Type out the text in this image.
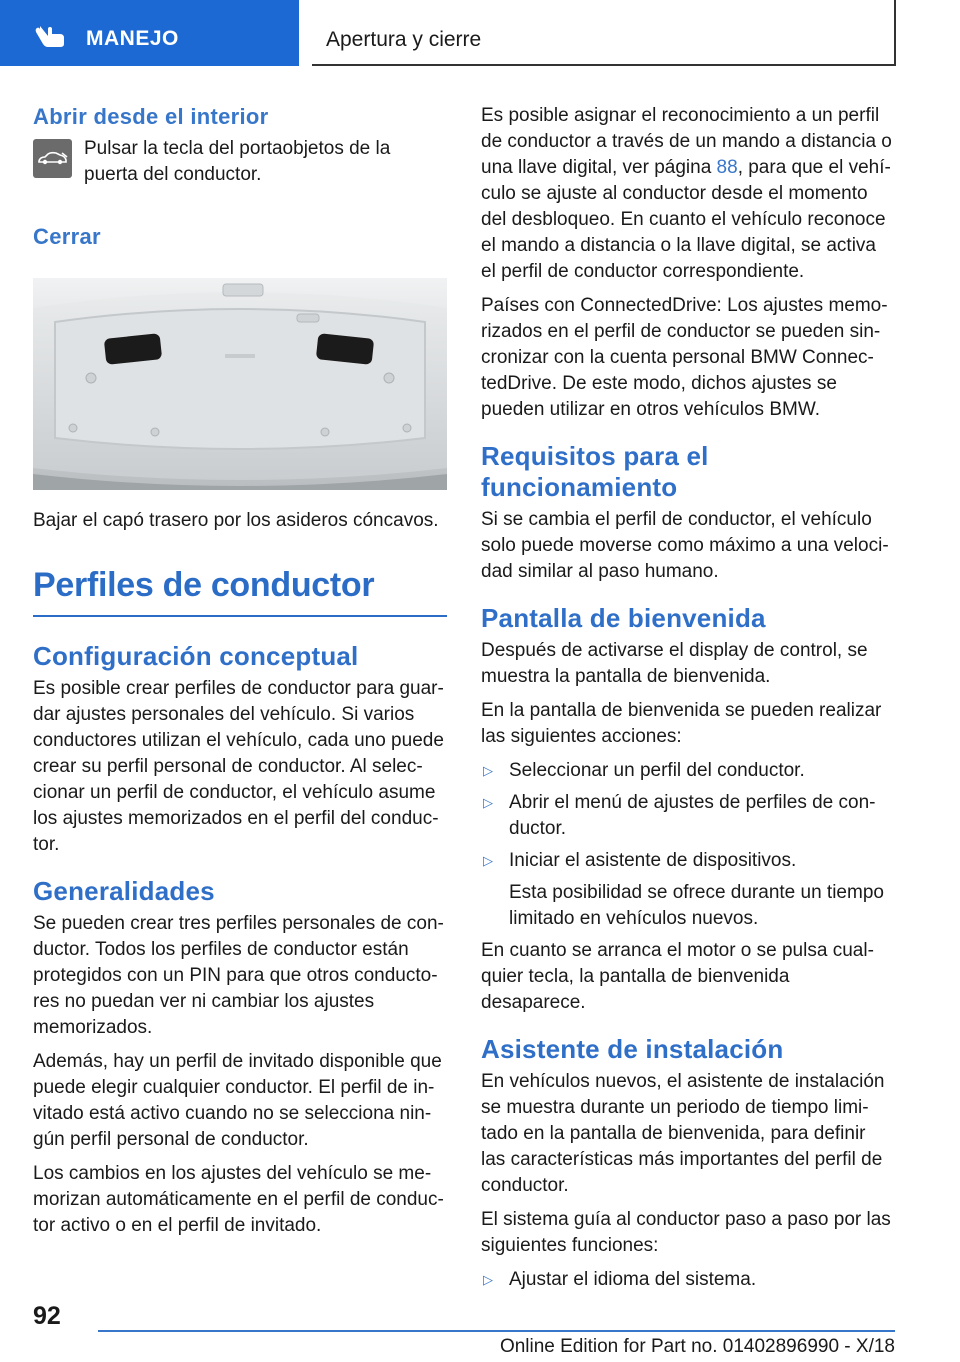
MANEJO	Apertura y cierre
Abrir desde el interior

Pulsar la tecla del portaobjetos de la puerta del conductor.

Cerrar

Bajar el capó trasero por los asideros cóncavos.

Perfiles de conductor
Configuración conceptual

Es posible crear perfiles de conductor para guardar ajustes personales del vehículo. Si varios conductores utilizan el vehículo, cada uno puede crear su perfil personal de conductor. Al seleccionar un perfil de conductor, el vehículo asume los ajustes memorizados en el perfil del conductor.

Generalidades

Se pueden crear tres perfiles personales de conductor. Todos los perfiles de conductor están protegidos con un PIN para que otros conductores no puedan ver ni cambiar los ajustes memorizados.

Además, hay un perfil de invitado disponible que puede elegir cualquier conductor. El perfil de invitado está activo cuando no se selecciona ningún perfil personal de conductor.

Los cambios en los ajustes del vehículo se memorizan automáticamente en el perfil de conductor activo o en el perfil de invitado.

Es posible asignar el reconocimiento a un perfil de conductor a través de un mando a distancia o una llave digital, ver página 88, para que el vehículo se ajuste al conductor desde el momento del desbloqueo. En cuanto el vehículo reconoce el mando a distancia o la llave digital, se activa el perfil de conductor correspondiente.

Países con ConnectedDrive: Los ajustes memorizados en el perfil de conductor se pueden sincronizar con la cuenta personal BMW ConnectedDrive. De este modo, dichos ajustes se pueden utilizar en otros vehículos BMW.

Requisitos para el funcionamiento

Si se cambia el perfil de conductor, el vehículo solo puede moverse como máximo a una velocidad similar al paso humano.

Pantalla de bienvenida

Después de activarse el display de control, se muestra la pantalla de bienvenida.

En la pantalla de bienvenida se pueden realizar las siguientes acciones:

▷ Seleccionar un perfil del conductor.
▷ Abrir el menú de ajustes de perfiles de conductor.
▷ Iniciar el asistente de dispositivos.
Esta posibilidad se ofrece durante un tiempo limitado en vehículos nuevos.

En cuanto se arranca el motor o se pulsa cualquier tecla, la pantalla de bienvenida desaparece.

Asistente de instalación

En vehículos nuevos, el asistente de instalación se muestra durante un periodo de tiempo limitado en la pantalla de bienvenida, para definir las características más importantes del perfil de conductor.

El sistema guía al conductor paso a paso por las siguientes funciones:

▷ Ajustar el idioma del sistema.
92
Online Edition for Part no. 01402896990 - X/18
